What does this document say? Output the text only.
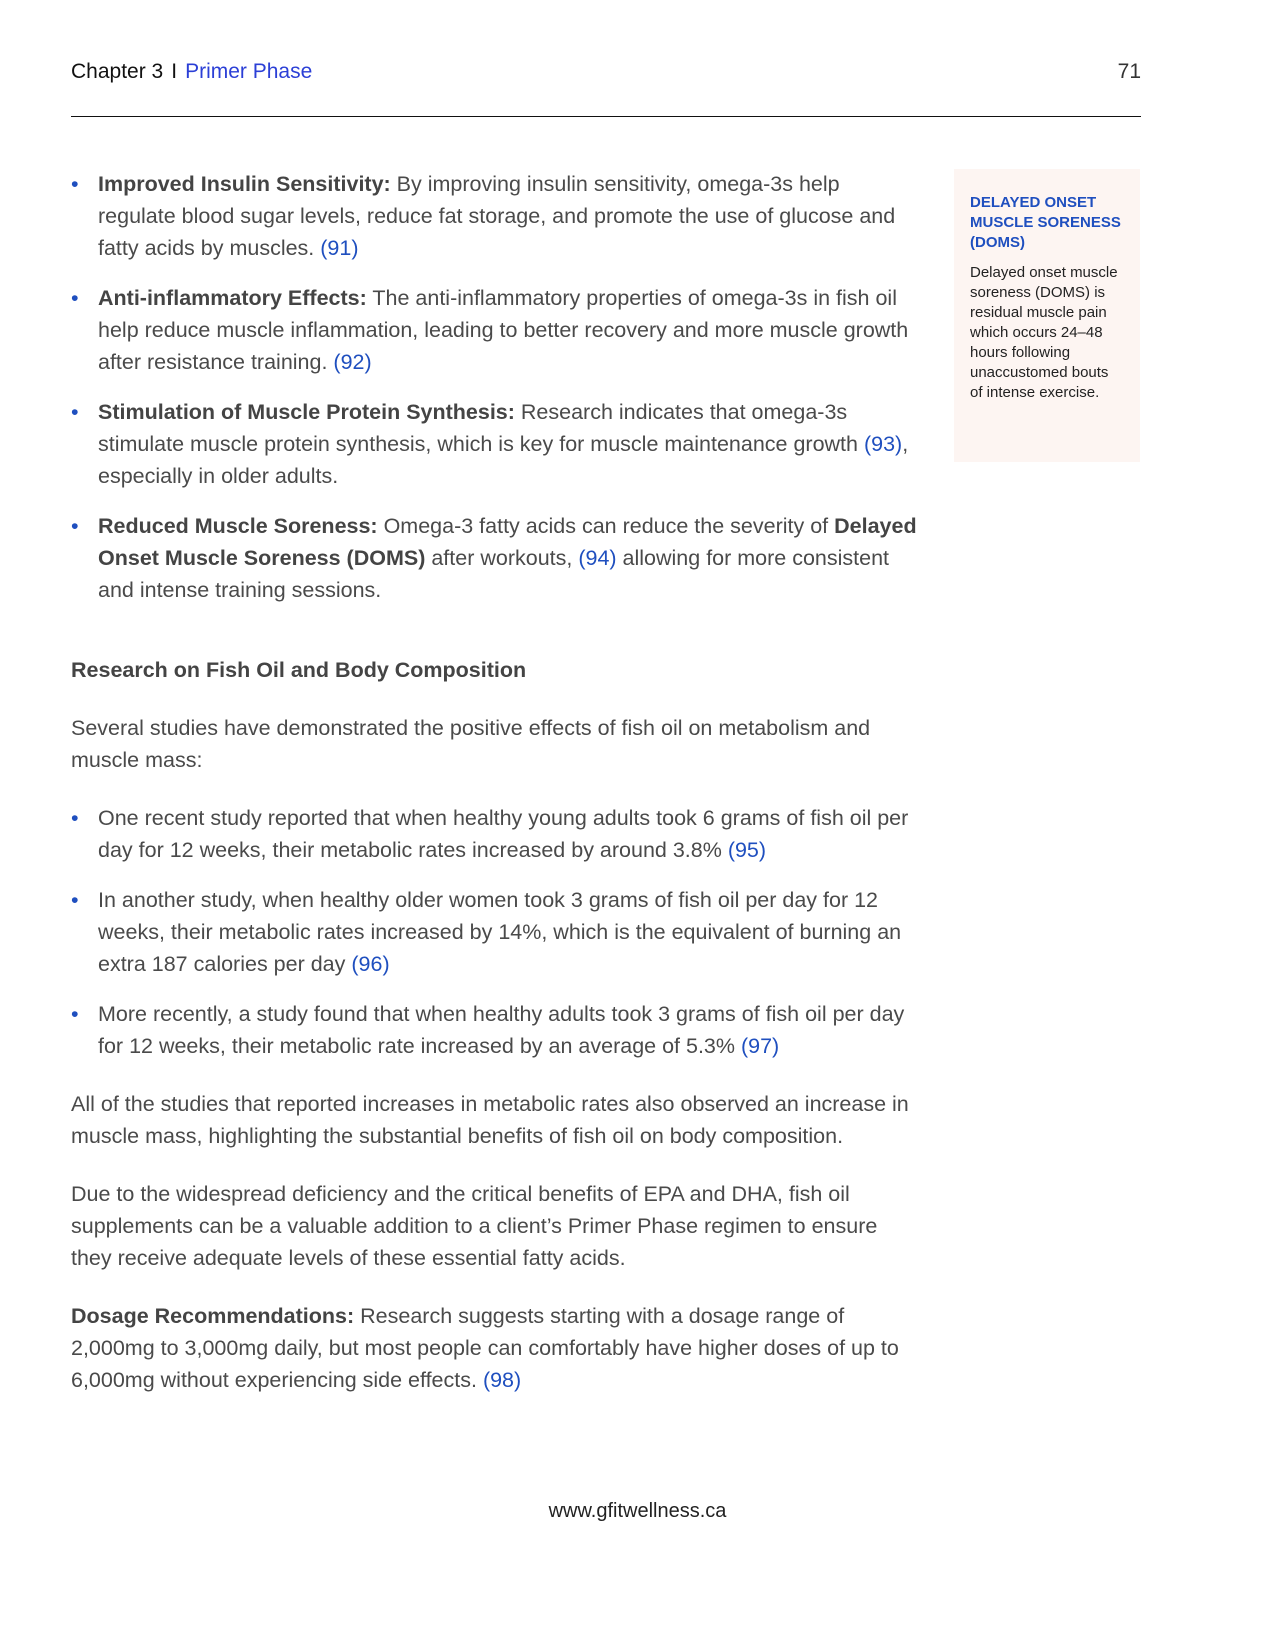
Chapter 3 I Primer Phase	71
• Improved Insulin Sensitivity: By improving insulin sensitivity, omega-3s help regulate blood sugar levels, reduce fat storage, and promote the use of glucose and fatty acids by muscles. (91)
• Anti-inflammatory Effects: The anti-inflammatory properties of omega-3s in fish oil help reduce muscle inflammation, leading to better recovery and more muscle growth after resistance training. (92)
• Stimulation of Muscle Protein Synthesis: Research indicates that omega-3s stimulate muscle protein synthesis, which is key for muscle maintenance growth (93), especially in older adults.
• Reduced Muscle Soreness: Omega-3 fatty acids can reduce the severity of Delayed Onset Muscle Soreness (DOMS) after workouts, (94) allowing for more consistent and intense training sessions.
Research on Fish Oil and Body Composition

Several studies have demonstrated the positive effects of fish oil on metabolism and muscle mass:

• One recent study reported that when healthy young adults took 6 grams of fish oil per day for 12 weeks, their metabolic rates increased by around 3.8% (95)
• In another study, when healthy older women took 3 grams of fish oil per day for 12 weeks, their metabolic rates increased by 14%, which is the equivalent of burning an extra 187 calories per day (96)
• More recently, a study found that when healthy adults took 3 grams of fish oil per day for 12 weeks, their metabolic rate increased by an average of 5.3% (97)

All of the studies that reported increases in metabolic rates also observed an increase in muscle mass, highlighting the substantial benefits of fish oil on body composition.

Due to the widespread deficiency and the critical benefits of EPA and DHA, fish oil supplements can be a valuable addition to a client’s Primer Phase regimen to ensure they receive adequate levels of these essential fatty acids.

Dosage Recommendations: Research suggests starting with a dosage range of 2,000mg to 3,000mg daily, but most people can comfortably have higher doses of up to 6,000mg without experiencing side effects. (98)

DELAYED ONSET MUSCLE SORENESS (DOMS)

Delayed onset muscle soreness (DOMS) is residual muscle pain which occurs 24–48 hours following unaccustomed bouts of intense exercise.

www.gfitwellness.ca
